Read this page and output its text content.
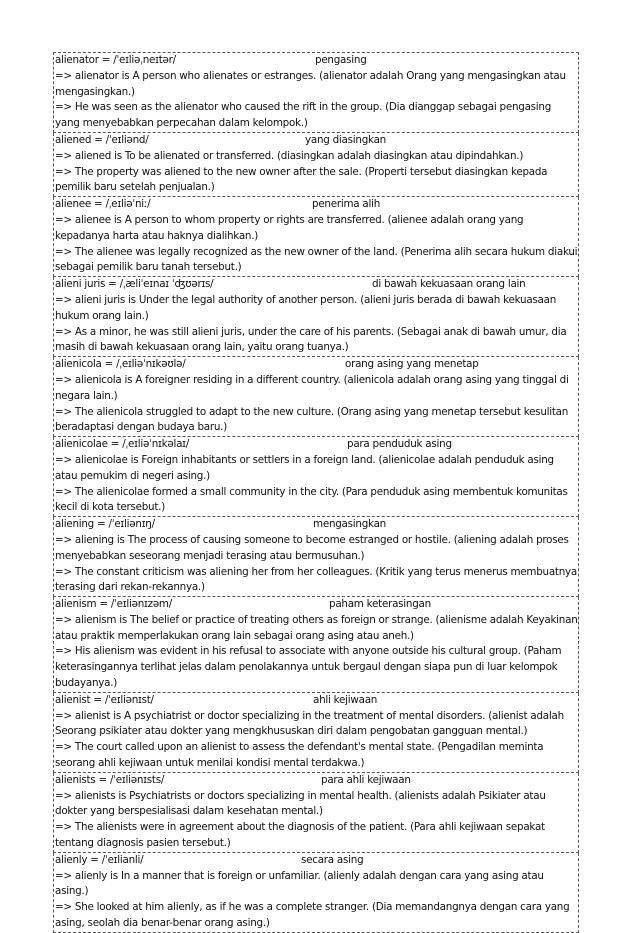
alienator = /ˈeɪliəˌneɪtər/	pengasing
=> alienator is A person who alienates or estranges. (alienator adalah Orang yang mengasingkan atau mengasingkan.)
=> He was seen as the alienator who caused the rift in the group. (Dia dianggap sebagai pengasing yang menyebabkan perpecahan dalam kelompok.)
aliened = /ˈeɪliənd/	yang diasingkan
=> aliened is To be alienated or transferred. (diasingkan adalah diasingkan atau dipindahkan.)
=> The property was aliened to the new owner after the sale. (Properti tersebut diasingkan kepada pemilik baru setelah penjualan.)
alienee = /ˌeɪliəˈniː/	penerima alih
=> alienee is A person to whom property or rights are transferred. (alienee adalah orang yang kepadanya harta atau haknya dialihkan.)
=> The alienee was legally recognized as the new owner of the land. (Penerima alih secara hukum diakui sebagai pemilik baru tanah tersebut.)
alieni juris = /ˌæliˈeɪnaɪ ˈʤʊərɪs/	di bawah kekuasaan orang lain
=> alieni juris is Under the legal authority of another person. (alieni juris berada di bawah kekuasaan hukum orang lain.)
=> As a minor, he was still alieni juris, under the care of his parents. (Sebagai anak di bawah umur, dia masih di bawah kekuasaan orang lain, yaitu orang tuanya.)
alienicola = /ˌeɪliəˈnɪkəʊlə/	orang asing yang menetap
=> alienicola is A foreigner residing in a different country. (alienicola adalah orang asing yang tinggal di negara lain.)
=> The alienicola struggled to adapt to the new culture. (Orang asing yang menetap tersebut kesulitan beradaptasi dengan budaya baru.)
alienicolae = /ˌeɪliəˈnɪkəlaɪ/	para penduduk asing
=> alienicolae is Foreign inhabitants or settlers in a foreign land. (alienicolae adalah penduduk asing atau pemukim di negeri asing.)
=> The alienicolae formed a small community in the city. (Para penduduk asing membentuk komunitas kecil di kota tersebut.)
aliening = /ˈeɪliənɪŋ/	mengasingkan
=> aliening is The process of causing someone to become estranged or hostile. (aliening adalah proses menyebabkan seseorang menjadi terasing atau bermusuhan.)
=> The constant criticism was aliening her from her colleagues. (Kritik yang terus menerus membuatnya terasing dari rekan-rekannya.)
alienism = /ˈeɪliənɪzəm/	paham keterasingan
=> alienism is The belief or practice of treating others as foreign or strange. (alienisme adalah Keyakinan atau praktik memperlakukan orang lain sebagai orang asing atau aneh.)
=> His alienism was evident in his refusal to associate with anyone outside his cultural group. (Paham keterasingannya terlihat jelas dalam penolakannya untuk bergaul dengan siapa pun di luar kelompok budayanya.)
alienist = /ˈeɪliənɪst/	ahli kejiwaan
=> alienist is A psychiatrist or doctor specializing in the treatment of mental disorders. (alienist adalah Seorang psikiater atau dokter yang mengkhususkan diri dalam pengobatan gangguan mental.)
=> The court called upon an alienist to assess the defendant's mental state. (Pengadilan meminta seorang ahli kejiwaan untuk menilai kondisi mental terdakwa.)
alienists = /ˈeɪliənɪsts/	para ahli kejiwaan
=> alienists is Psychiatrists or doctors specializing in mental health. (alienists adalah Psikiater atau dokter yang berspesialisasi dalam kesehatan mental.)
=> The alienists were in agreement about the diagnosis of the patient. (Para ahli kejiwaan sepakat tentang diagnosis pasien tersebut.)
alienly = /ˈeɪlianli/	secara asing
=> alienly is In a manner that is foreign or unfamiliar. (alienly adalah dengan cara yang asing atau asing.)
=> She looked at him alienly, as if he was a complete stranger. (Dia memandangnya dengan cara yang asing, seolah dia benar-benar orang asing.)
